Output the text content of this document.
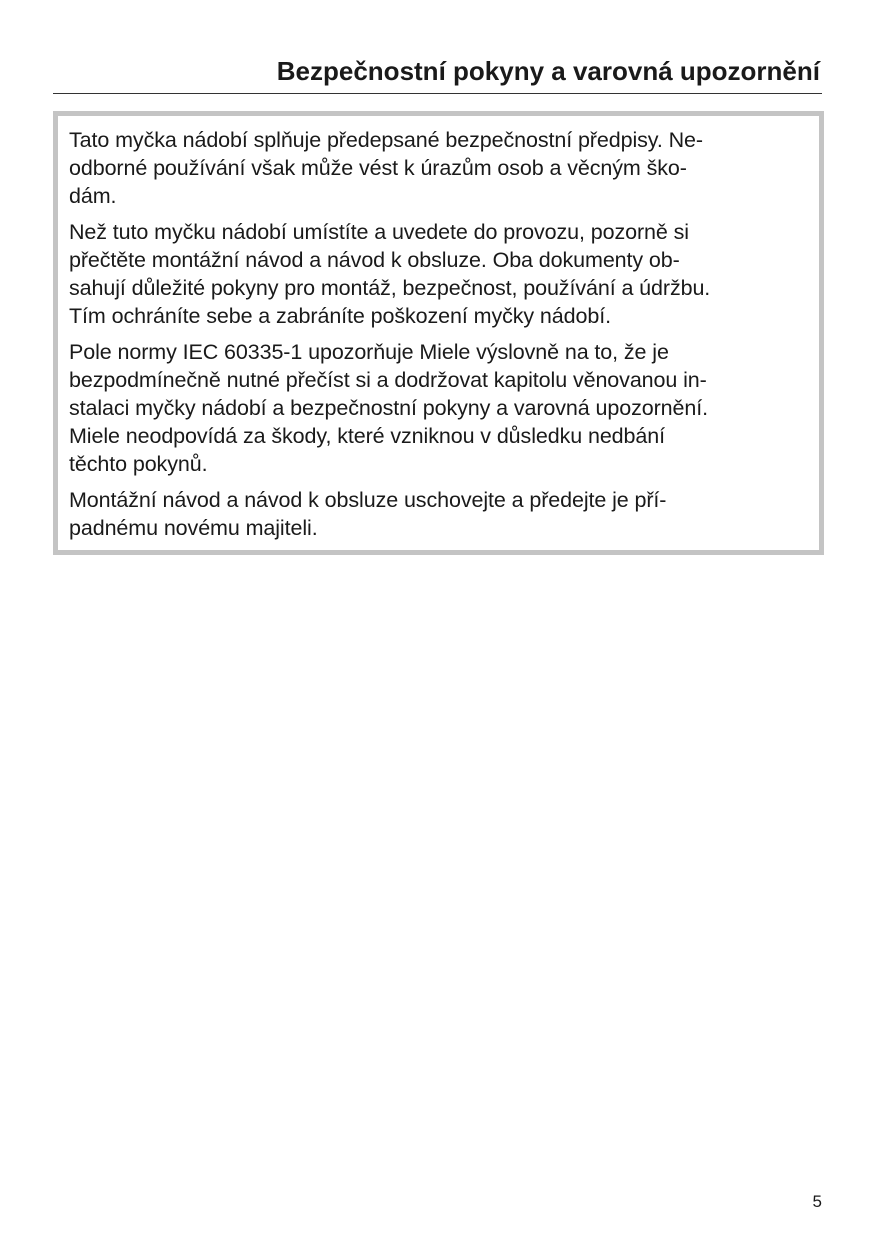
Bezpečnostní pokyny a varovná upozornění

Tato myčka nádobí splňuje předepsané bezpečnostní předpisy. Ne-
odborné používání však může vést k úrazům osob a věcným ško-
dám.

Než tuto myčku nádobí umístíte a uvedete do provozu, pozorně si
přečtěte montážní návod a návod k obsluze. Oba dokumenty ob-
sahují důležité pokyny pro montáž, bezpečnost, používání a údržbu.
Tím ochráníte sebe a zabráníte poškození myčky nádobí.

Pole normy IEC 60335-1 upozorňuje Miele výslovně na to, že je
bezpodmínečně nutné přečíst si a dodržovat kapitolu věnovanou in-
stalaci myčky nádobí a bezpečnostní pokyny a varovná upozornění.
Miele neodpovídá za škody, které vzniknou v důsledku nedbání
těchto pokynů.

Montážní návod a návod k obsluze uschovejte a předejte je pří-
padnému novému majiteli.

5
